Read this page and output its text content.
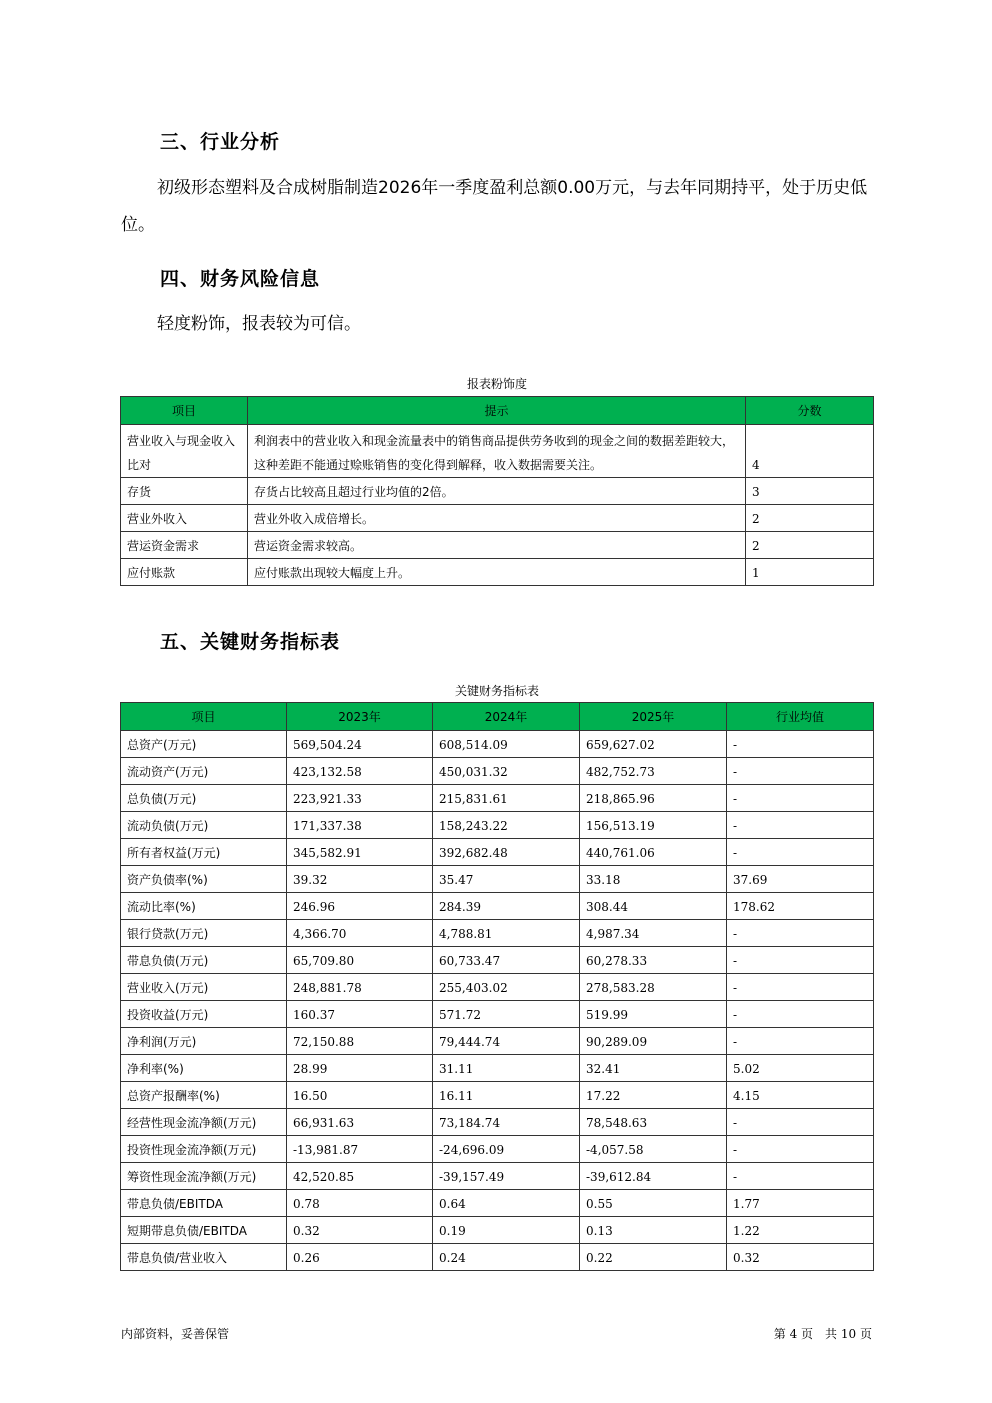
三、行业分析
初级形态塑料及合成树脂制造2026年一季度盈利总额0.00万元，与去年同期持平，处于历史低位。
四、财务风险信息
轻度粉饰，报表较为可信。
报表粉饰度
项目	提示	分数
营业收入与现金收入比对	利润表中的营业收入和现金流量表中的销售商品提供劳务收到的现金之间的数据差距较大，这种差距不能通过赊账销售的变化得到解释，收入数据需要关注。	4
存货	存货占比较高且超过行业均值的2倍。	3
营业外收入	营业外收入成倍增长。	2
营运资金需求	营运资金需求较高。	2
应付账款	应付账款出现较大幅度上升。	1
五、关键财务指标表
关键财务指标表
项目	2023年	2024年	2025年	行业均值
总资产(万元)	569,504.24	608,514.09	659,627.02	-
流动资产(万元)	423,132.58	450,031.32	482,752.73	-
总负债(万元)	223,921.33	215,831.61	218,865.96	-
流动负债(万元)	171,337.38	158,243.22	156,513.19	-
所有者权益(万元)	345,582.91	392,682.48	440,761.06	-
资产负债率(%)	39.32	35.47	33.18	37.69
流动比率(%)	246.96	284.39	308.44	178.62
银行贷款(万元)	4,366.70	4,788.81	4,987.34	-
带息负债(万元)	65,709.80	60,733.47	60,278.33	-
营业收入(万元)	248,881.78	255,403.02	278,583.28	-
投资收益(万元)	160.37	571.72	519.99	-
净利润(万元)	72,150.88	79,444.74	90,289.09	-
净利率(%)	28.99	31.11	32.41	5.02
总资产报酬率(%)	16.50	16.11	17.22	4.15
经营性现金流净额(万元)	66,931.63	73,184.74	78,548.63	-
投资性现金流净额(万元)	-13,981.87	-24,696.09	-4,057.58	-
筹资性现金流净额(万元)	42,520.85	-39,157.49	-39,612.84	-
带息负债/EBITDA	0.78	0.64	0.55	1.77
短期带息负债/EBITDA	0.32	0.19	0.13	1.22
带息负债/营业收入	0.26	0.24	0.22	0.32
内部资料，妥善保管	第 4 页　共 10 页
